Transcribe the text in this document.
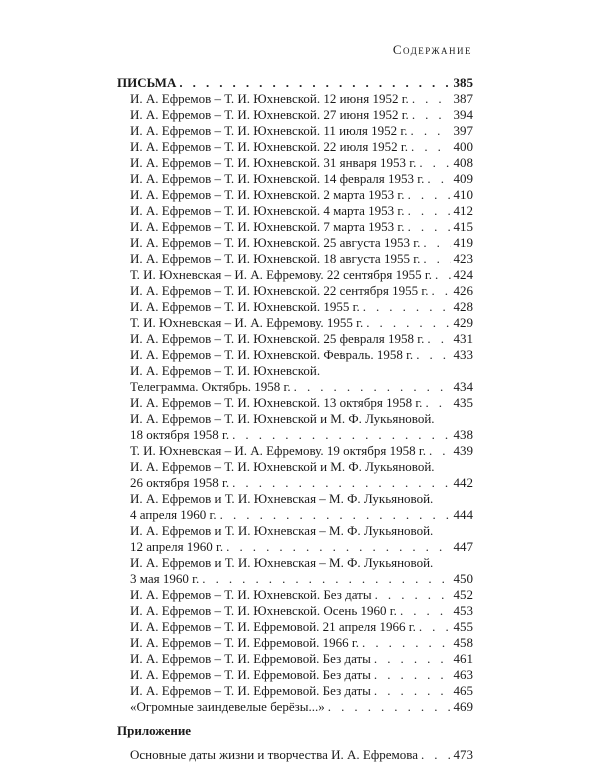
Содержание
ПИСЬМА . . .	385
И. А. Ефремов – Т. И. Юхневской. 12 июня 1952 г. . . .	387
И. А. Ефремов – Т. И. Юхневской. 27 июня 1952 г. . . .	394
И. А. Ефремов – Т. И. Юхневской. 11 июля 1952 г. . . .	397
И. А. Ефремов – Т. И. Юхневской. 22 июля 1952 г. . . .	400
И. А. Ефремов – Т. И. Юхневской. 31 января 1953 г. . . .	408
И. А. Ефремов – Т. И. Юхневской. 14 февраля 1953 г. . . . 409
И. А. Ефремов – Т. И. Юхневской. 2 марта 1953 г. . . .	410
И. А. Ефремов – Т. И. Юхневской. 4 марта 1953 г. . . .	412
И. А. Ефремов – Т. И. Юхневской. 7 марта 1953 г. . . .	415
И. А. Ефремов – Т. И. Юхневской. 25 августа 1953 г. . . .	419
И. А. Ефремов – Т. И. Юхневской. 18 августа 1955 г. . . .	423
Т. И. Юхневская – И. А. Ефремову. 22 сентября 1955 г. . . . 424
И. А. Ефремов – Т. И. Юхневской. 22 сентября 1955 г. . . . 426
И. А. Ефремов – Т. И. Юхневской. 1955 г. . . .	428
Т. И. Юхневская – И. А. Ефремову. 1955 г. . . .	429
И. А. Ефремов – Т. И. Юхневской. 25 февраля 1958 г. . . . 431
И. А. Ефремов – Т. И. Юхневской. Февраль. 1958 г. . . .	433
И. А. Ефремов – Т. И. Юхневской.
Телеграмма. Октябрь. 1958 г. . . .	434
И. А. Ефремов – Т. И. Юхневской. 13 октября 1958 г. . . . 435
И. А. Ефремов – Т. И. Юхневской и М. Ф. Лукьяновой.
18 октября 1958 г. . . .	438
Т. И. Юхневская – И. А. Ефремову. 19 октября 1958 г. . . . 439
И. А. Ефремов – Т. И. Юхневской и М. Ф. Лукьяновой.
26 октября 1958 г. . . .	442
И. А. Ефремов и Т. И. Юхневская – М. Ф. Лукьяновой.
4 апреля 1960 г. . . .	444
И. А. Ефремов и Т. И. Юхневская – М. Ф. Лукьяновой.
12 апреля 1960 г. . . .	447
И. А. Ефремов и Т. И. Юхневская – М. Ф. Лукьяновой.
3 мая 1960 г. . . .	450
И. А. Ефремов – Т. И. Юхневской. Без даты . . .	452
И. А. Ефремов – Т. И. Юхневской. Осень 1960 г. . . .	453
И. А. Ефремов – Т. И. Ефремовой. 21 апреля 1966 г. . . .	455
И. А. Ефремов – Т. И. Ефремовой. 1966 г. . . .	458
И. А. Ефремов – Т. И. Ефремовой. Без даты . . .	461
И. А. Ефремов – Т. И. Ефремовой. Без даты . . .	463
И. А. Ефремов – Т. И. Ефремовой. Без даты . . .	465
«Огромные заиндевелые берёзы...» . . .	469
Приложение
Основные даты жизни и творчества И. А. Ефремова . . .	473
